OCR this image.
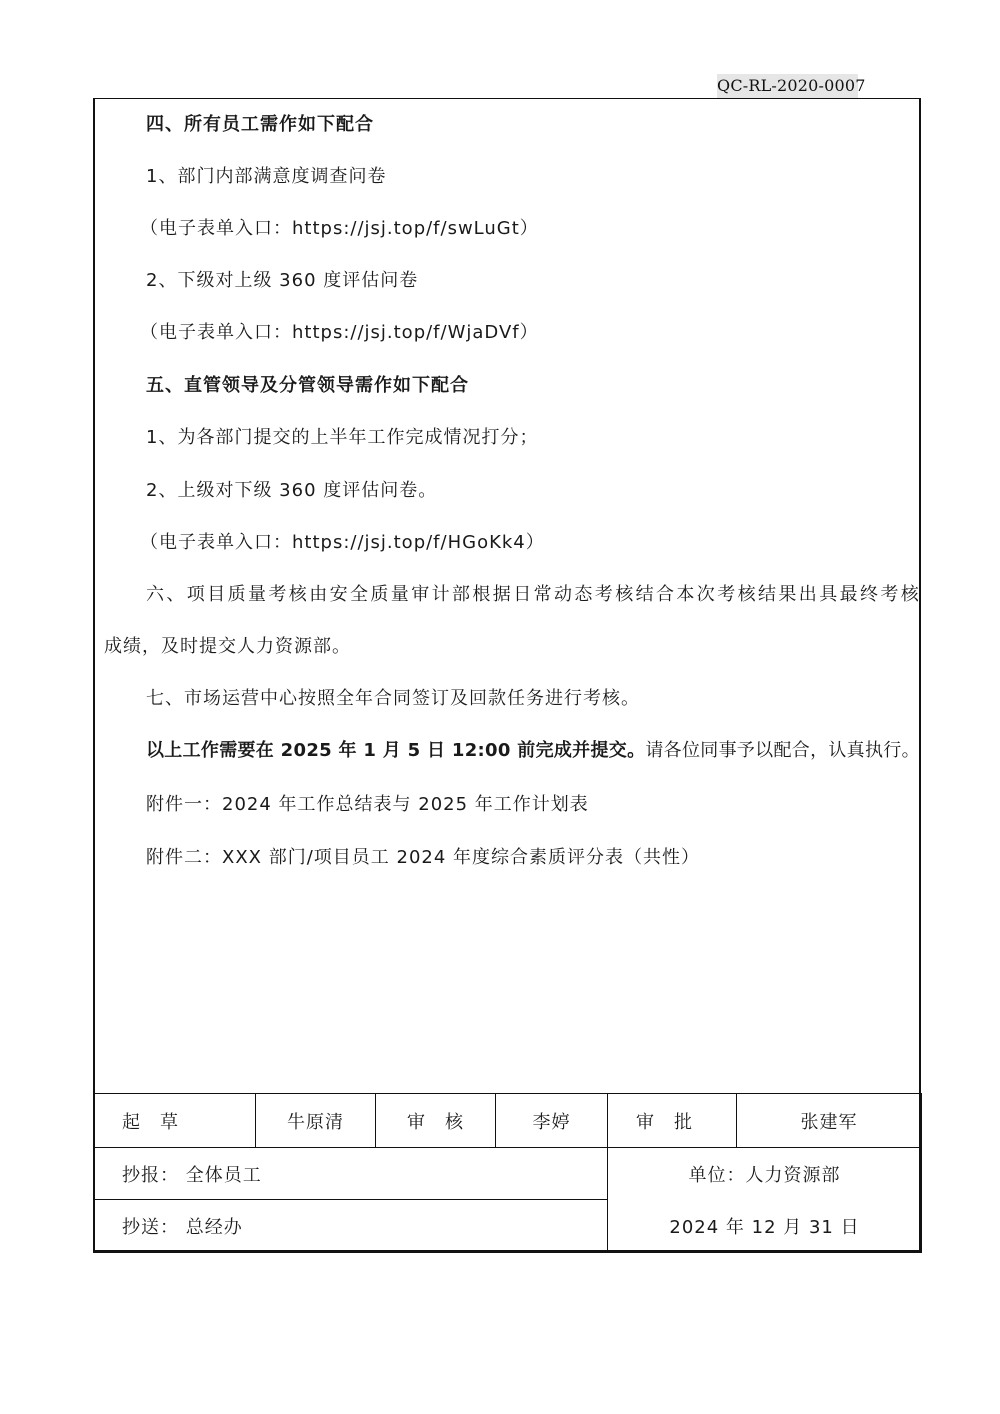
QC-RL-2020-0007
四、所有员工需作如下配合
1、部门内部满意度调查问卷
（电子表单入口：https://jsj.top/f/swLuGt）
2、下级对上级 360 度评估问卷
（电子表单入口：https://jsj.top/f/WjaDVf）
五、直管领导及分管领导需作如下配合
1、为各部门提交的上半年工作完成情况打分；
2、上级对下级 360 度评估问卷。
（电子表单入口：https://jsj.top/f/HGoKk4）
六、项目质量考核由安全质量审计部根据日常动态考核结合本次考核结果出具最终考核
成绩，及时提交人力资源部。
七、市场运营中心按照全年合同签订及回款任务进行考核。
以上工作需要在 2025 年 1 月 5 日 12:00 前完成并提交。请各位同事予以配合，认真执行。
附件一：2024 年工作总结表与 2025 年工作计划表
附件二：XXX 部门/项目员工 2024 年度综合素质评分表（共性）
起　草	牛原清	审　核	李婷	审　批	张建军
抄报： 全体员工				单位：人力资源部	
抄送： 总经办				2024 年 12 月 31 日	
